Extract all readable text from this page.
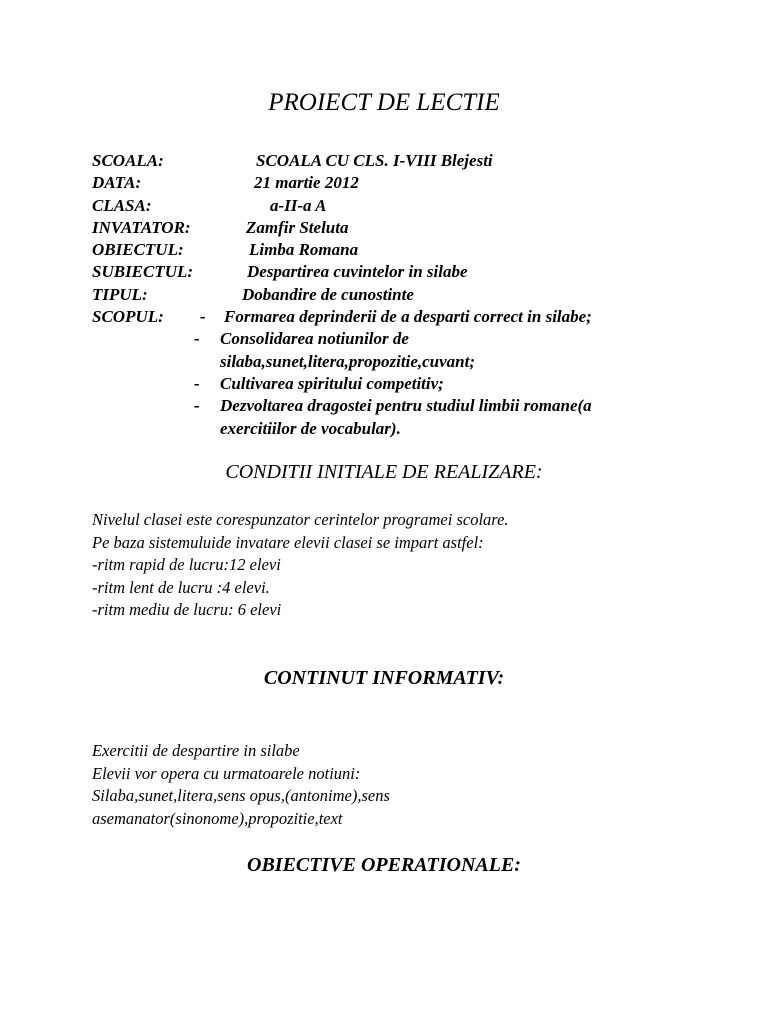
PROIECT DE LECTIE
SCOALA:	SCOALA CU CLS. I-VIII Blejesti
DATA:	21 martie 2012
CLASA:	a-II-a A
INVATATOR:	Zamfir Steluta
OBIECTUL:	Limba Romana
SUBIECTUL:	Despartirea cuvintelor in silabe
TIPUL:	Dobandire de cunostinte
SCOPUL: - Formarea deprinderii de a desparti correct in silabe;
- Consolidarea notiunilor de
silaba,sunet,litera,propozitie,cuvant;
- Cultivarea spiritului competitiv;
- Dezvoltarea dragostei pentru studiul limbii romane(a
exercitiilor de vocabular).
CONDITII INITIALE DE REALIZARE:
Nivelul clasei este corespunzator cerintelor programei scolare.
Pe baza sistemuluide invatare elevii clasei se impart astfel:
-ritm rapid de lucru:12 elevi
-ritm lent de lucru :4 elevi.
-ritm mediu de lucru: 6 elevi
CONTINUT INFORMATIV:
Exercitii de despartire in silabe
Elevii vor opera cu urmatoarele notiuni:
Silaba,sunet,litera,sens opus,(antonime),sens
asemanator(sinonome),propozitie,text
OBIECTIVE OPERATIONALE:
